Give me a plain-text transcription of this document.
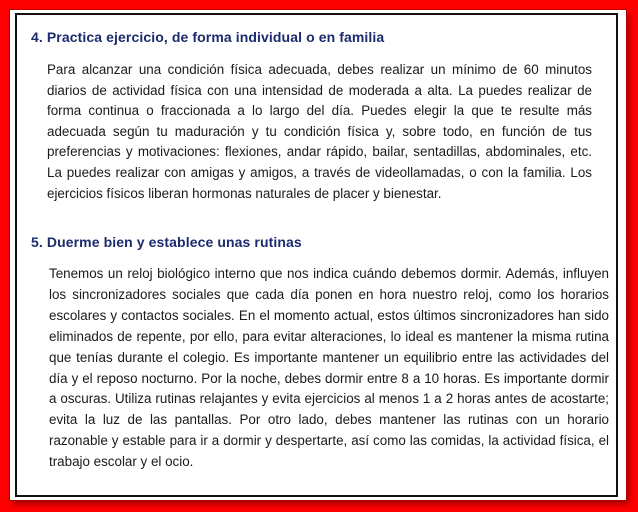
4. Practica ejercicio, de forma individual o en familia

Para alcanzar una condición física adecuada, debes realizar un mínimo de 60 minutos diarios de actividad física con una intensidad de moderada a alta. La puedes realizar de forma continua o fraccionada a lo largo del día. Puedes elegir la que te resulte más adecuada según tu maduración y tu condición física y, sobre todo, en función de tus preferencias y motivaciones: flexiones, andar rápido, bailar, sentadillas, abdominales, etc. La puedes realizar con amigas y amigos, a través de videollamadas, o con la familia. Los ejercicios físicos liberan hormonas naturales de placer y bienestar.

5. Duerme bien y establece unas rutinas

Tenemos un reloj biológico interno que nos indica cuándo debemos dormir. Además, influyen los sincronizadores sociales que cada día ponen en hora nuestro reloj, como los horarios escolares y contactos sociales. En el momento actual, estos últimos sincronizadores han sido eliminados de repente, por ello, para evitar alteraciones, lo ideal es mantener la misma rutina que tenías durante el colegio. Es importante mantener un equilibrio entre las actividades del día y el reposo nocturno. Por la noche, debes dormir entre 8 a 10 horas. Es importante dormir a oscuras. Utiliza rutinas relajantes y evita ejercicios al menos 1 a 2 horas antes de acostarte; evita la luz de las pantallas. Por otro lado, debes mantener las rutinas con un horario razonable y estable para ir a dormir y despertarte, así como las comidas, la actividad física, el trabajo escolar y el ocio.
